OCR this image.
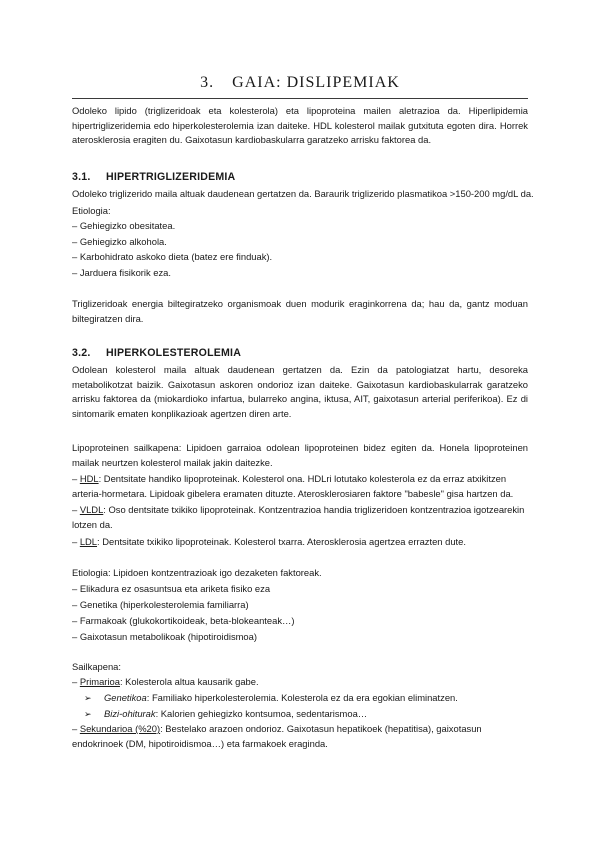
3. GAIA: DISLIPEMIAK
Odoleko lipido (triglizeridoak eta kolesterola) eta lipoproteina mailen aletrazioa da. Hiperlipidemia hipertriglizeridemia edo hiperkolesterolemia izan daiteke. HDL kolesterol mailak gutxituta egoten dira. Horrek aterosklerosia eragiten du. Gaixotasun kardiobaskularra garatzeko arrisku faktorea da.
3.1. HIPERTRIGLIZERIDEMIA
Odoleko triglizerido maila altuak daudenean gertatzen da. Baraurik triglizerido plasmatikoa >150-200 mg/dL da.
Etiologia:
– Gehiegizko obesitatea.
– Gehiegizko alkohola.
– Karbohidrato askoko dieta (batez ere finduak).
– Jarduera fisikorik eza.
Triglizeridoak energia biltegiratzeko organismoak duen modurik eraginkorrena da; hau da, gantz moduan biltegiratzen dira.
3.2. HIPERKOLESTEROLEMIA
Odolean kolesterol maila altuak daudenean gertatzen da. Ezin da patologiatzat hartu, desoreka metabolikotzat baizik. Gaixotasun askoren ondorioz izan daiteke. Gaixotasun kardiobaskularrak garatzeko arrisku faktorea da (miokardioko infartua, bularreko angina, iktusa, AIT, gaixotasun arterial periferikoa). Ez di sintomarik ematen konplikazioak agertzen diren arte.
Lipoproteinen sailkapena: Lipidoen garraioa odolean lipoproteinen bidez egiten da. Honela lipoproteinen mailak neurtzen kolesterol mailak jakin daitezke.
– HDL: Dentsitate handiko lipoproteinak. Kolesterol ona. HDLri lotutako kolesterola ez da erraz atxikitzen arteria-hormetara. Lipidoak gibelera eramaten dituzte. Aterosklerosiaren faktore "babesle" gisa hartzen da.
– VLDL: Oso dentsitate txikiko lipoproteinak. Kontzentrazioa handia triglizeridoen kontzentrazioa igotzearekin lotzen da.
– LDL: Dentsitate txikiko lipoproteinak. Kolesterol txarra. Aterosklerosia agertzea errazten dute.
Etiologia: Lipidoen kontzentrazioak igo dezaketen faktoreak.
– Elikadura ez osasuntsua eta ariketa fisiko eza
– Genetika (hiperkolesterolemia familiarra)
– Farmakoak (glukokortikoideak, beta-blokeanteak…)
– Gaixotasun metabolikoak (hipotiroidismoa)
Sailkapena:
– Primarioa: Kolesterola altua kausarik gabe.
➢ Genetikoa: Familiako hiperkolesterolemia. Kolesterola ez da era egokian eliminatzen.
➢ Bizi-ohiturak: Kalorien gehiegizko kontsumoa, sedentarismoa…
– Sekundarioa (%20): Bestelako arazoen ondorioz. Gaixotasun hepatikoek (hepatitisa), gaixotasun endokrinoek (DM, hipotiroidismoa…) eta farmakoek eraginda.
